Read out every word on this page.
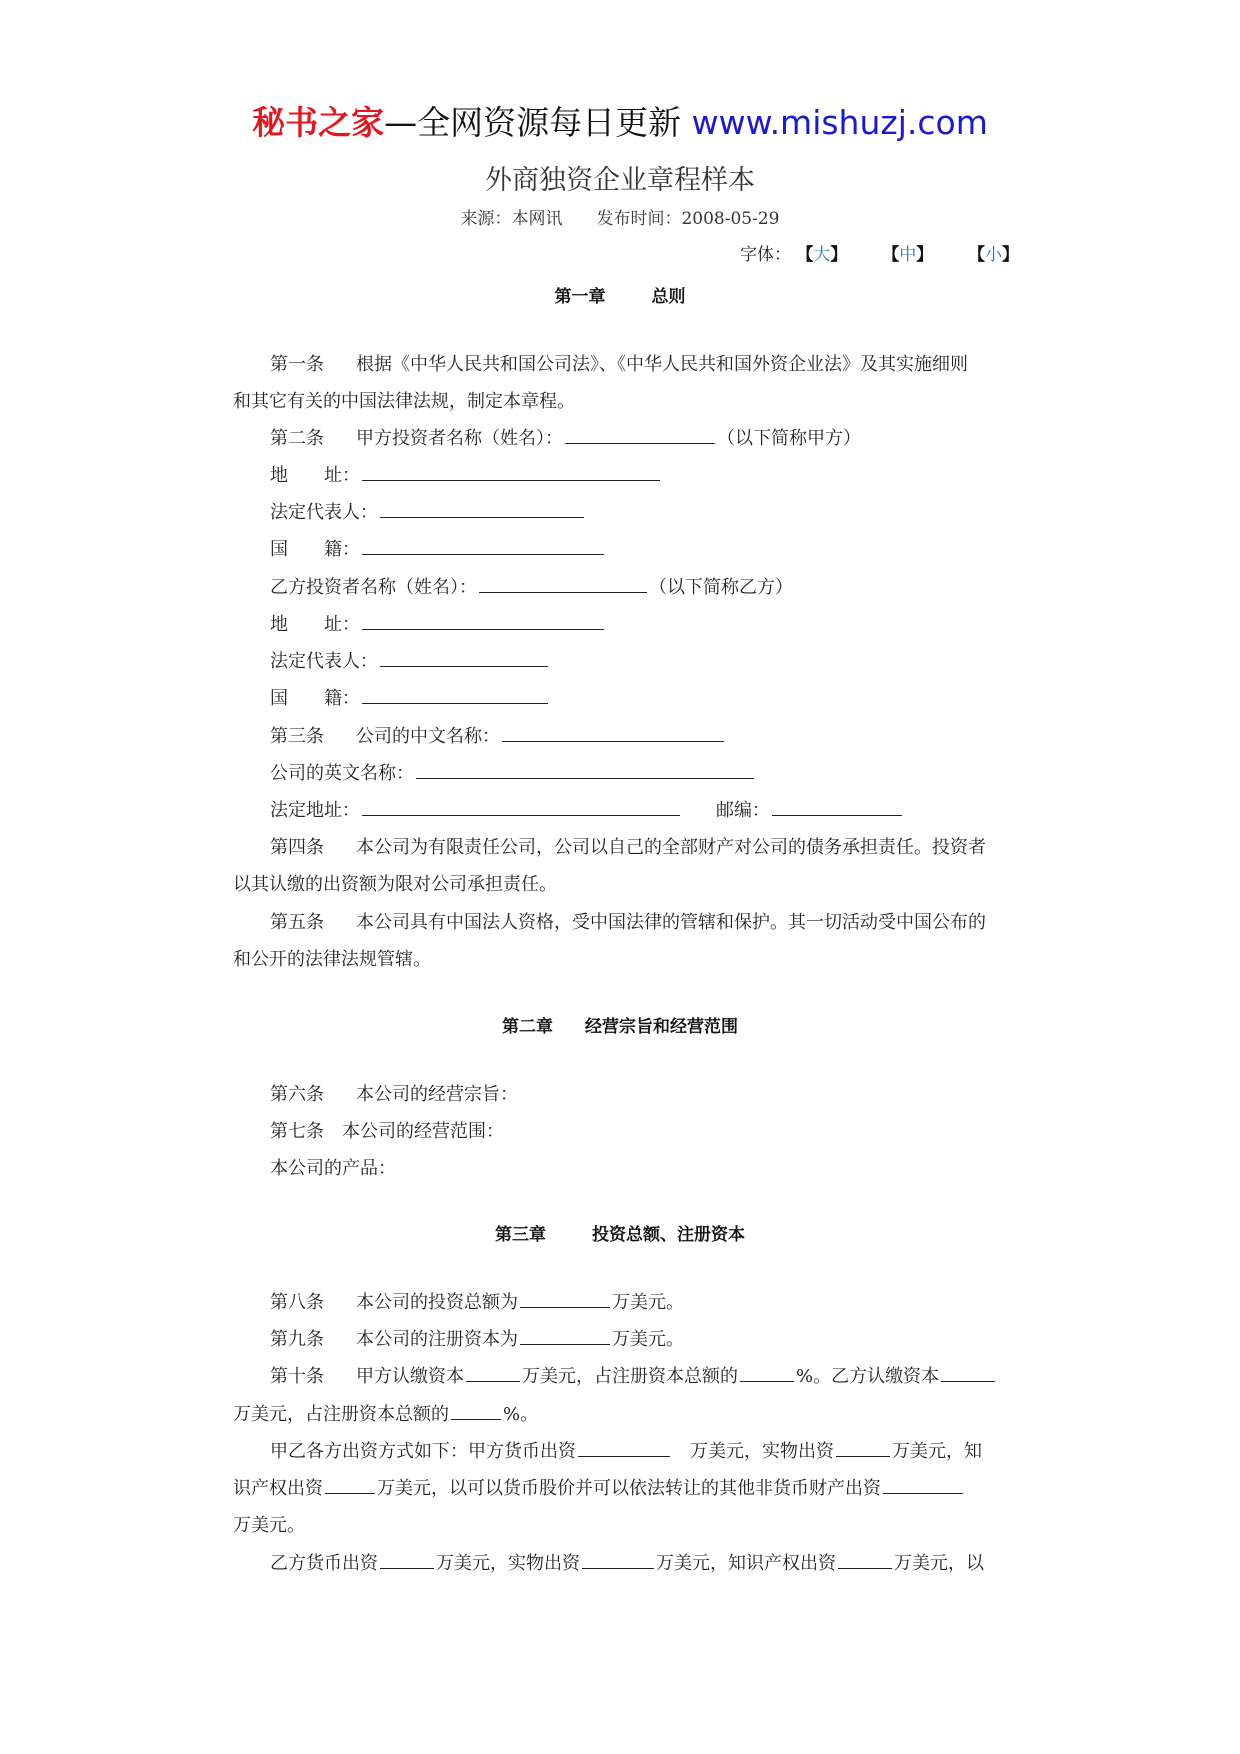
秘书之家—全网资源每日更新 www.mishuzj.com
外商独资企业章程样本
来源：本网讯 发布时间：2008-05-29
字体： 【大】 【中】 【小】
第一章	总则
第一条 根据《中华人民共和国公司法》、《中华人民共和国外资企业法》及其实施细则
和其它有关的中国法律法规，制定本章程。
第二条 甲方投资者名称（姓名）：	（以下简称甲方）
地　　址：
法定代表人：
国　　籍：
乙方投资者名称（姓名）：	（以下简称乙方）
地　　址：
法定代表人：
国　　籍：
第三条 公司的中文名称：
公司的英文名称：
法定地址：	邮编：
第四条 本公司为有限责任公司，公司以自己的全部财产对公司的债务承担责任。投资者
以其认缴的出资额为限对公司承担责任。
第五条 本公司具有中国法人资格，受中国法律的管辖和保护。其一切活动受中国公布的
和公开的法律法规管辖。
第二章 经营宗旨和经营范围
第六条 本公司的经营宗旨：
第七条 本公司的经营范围：
本公司的产品：
第三章	投资总额、注册资本
第八条 本公司的投资总额为	万美元。
第九条 本公司的注册资本为	万美元。
第十条 甲方认缴资本	万美元，占注册资本总额的	%。乙方认缴资本
万美元，占注册资本总额的	%。
甲乙各方出资方式如下：甲方货币出资	万美元，实物出资	万美元，知
识产权出资	万美元，以可以货币股价并可以依法转让的其他非货币财产出资
万美元。
乙方货币出资	万美元，实物出资	万美元，知识产权出资	万美元，以
